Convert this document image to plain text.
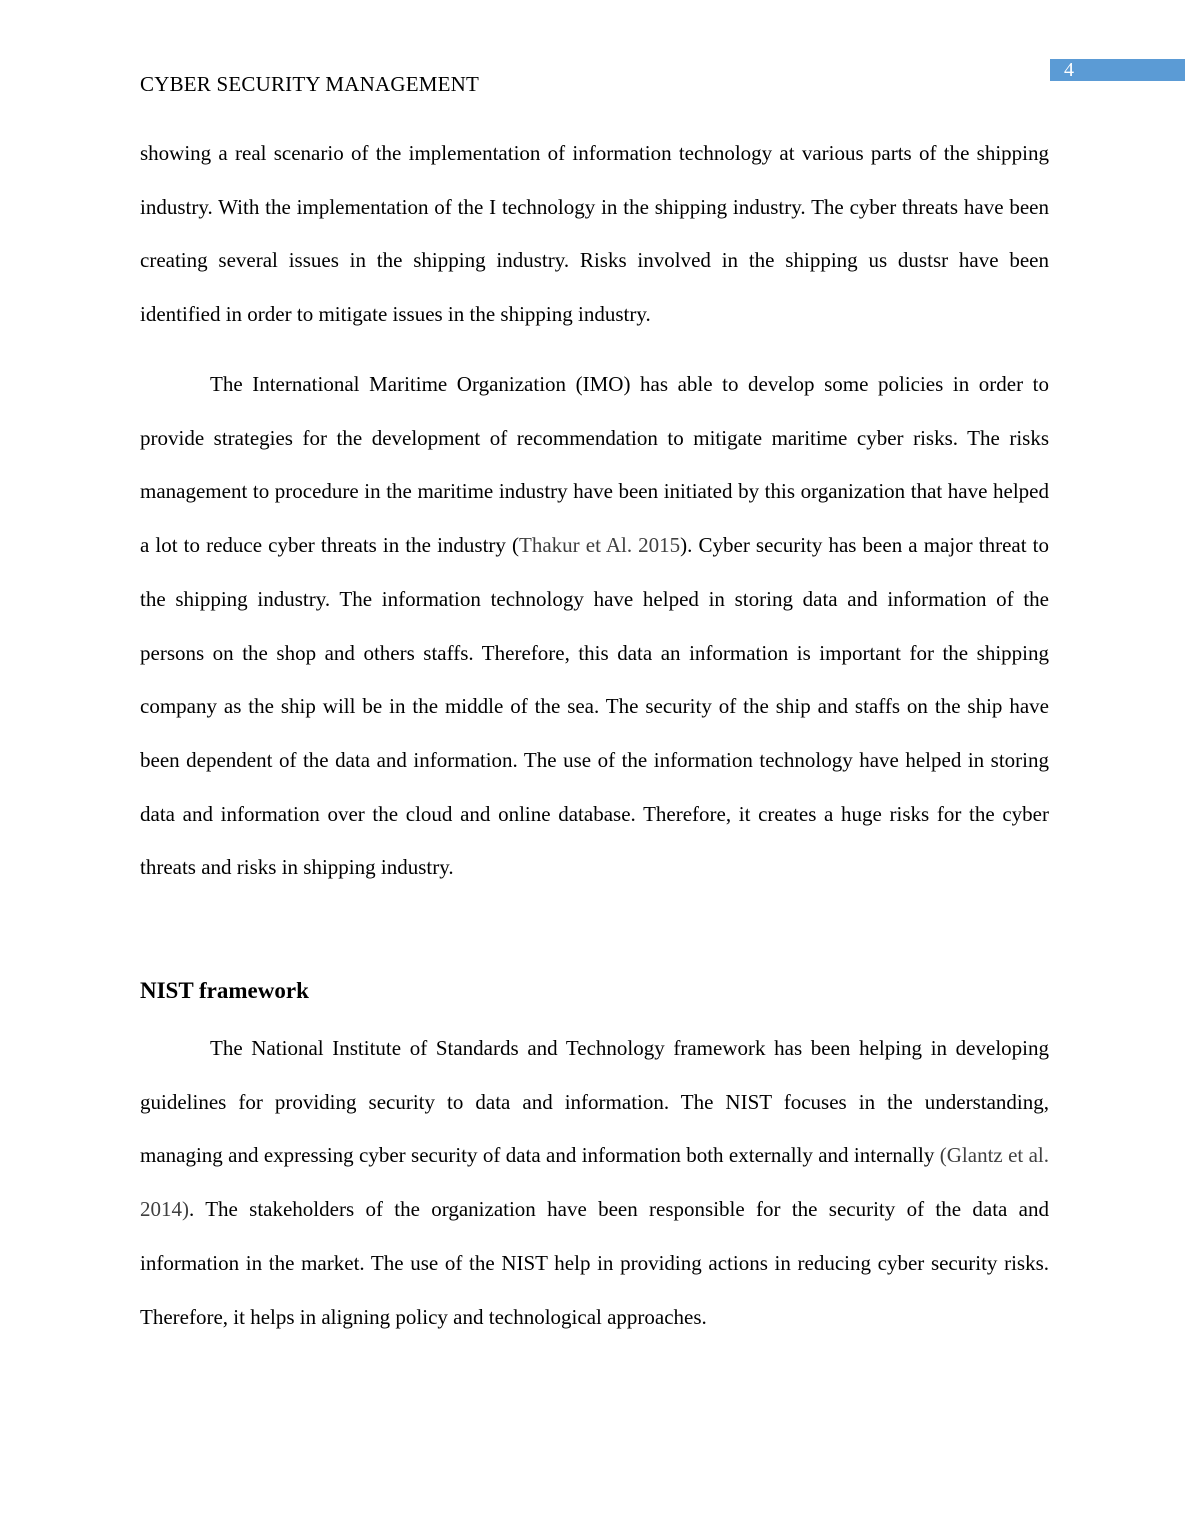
4
CYBER SECURITY MANAGEMENT

showing a real scenario of the implementation of information technology at various parts of the shipping industry. With the implementation of the I technology in the shipping industry. The cyber threats have been creating several issues in the shipping industry. Risks involved in the shipping us dustsr have been identified in order to mitigate issues in the shipping industry.

The International Maritime Organization (IMO) has able to develop some policies in order to provide strategies for the development of recommendation to mitigate maritime cyber risks. The risks management to procedure in the maritime industry have been initiated by this organization that have helped a lot to reduce cyber threats in the industry (Thakur et Al. 2015). Cyber security has been a major threat to the shipping industry. The information technology have helped in storing data and information of the persons on the shop and others staffs. Therefore, this data an information is important for the shipping company as the ship will be in the middle of the sea. The security of the ship and staffs on the ship have been dependent of the data and information. The use of the information technology have helped in storing data and information over the cloud and online database. Therefore, it creates a huge risks for the cyber threats and risks in shipping industry.

NIST framework

The National Institute of Standards and Technology framework has been helping in developing guidelines for providing security to data and information. The NIST focuses in the understanding, managing and expressing cyber security of data and information both externally and internally (Glantz et al. 2014). The stakeholders of the organization have been responsible for the security of the data and information in the market. The use of the NIST help in providing actions in reducing cyber security risks. Therefore, it helps in aligning policy and technological approaches.
